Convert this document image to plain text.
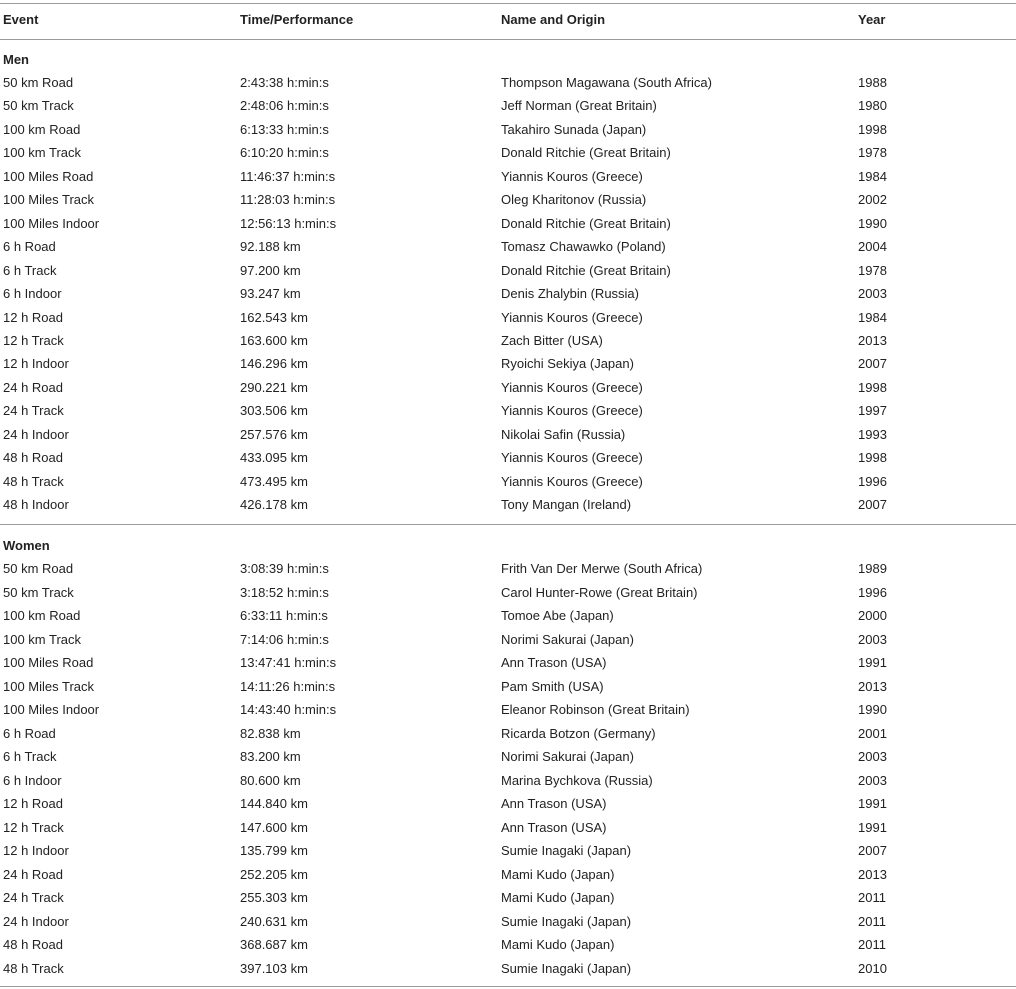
Event	Time/Performance	Name and Origin	Year
Men
50 km Road	2:43:38 h:min:s	Thompson Magawana (South Africa)	1988
50 km Track	2:48:06 h:min:s	Jeff Norman (Great Britain)	1980
100 km Road	6:13:33 h:min:s	Takahiro Sunada (Japan)	1998
100 km Track	6:10:20 h:min:s	Donald Ritchie (Great Britain)	1978
100 Miles Road	11:46:37 h:min:s	Yiannis Kouros (Greece)	1984
100 Miles Track	11:28:03 h:min:s	Oleg Kharitonov (Russia)	2002
100 Miles Indoor	12:56:13 h:min:s	Donald Ritchie (Great Britain)	1990
6 h Road	92.188 km	Tomasz Chawawko (Poland)	2004
6 h Track	97.200 km	Donald Ritchie (Great Britain)	1978
6 h Indoor	93.247 km	Denis Zhalybin (Russia)	2003
12 h Road	162.543 km	Yiannis Kouros (Greece)	1984
12 h Track	163.600 km	Zach Bitter (USA)	2013
12 h Indoor	146.296 km	Ryoichi Sekiya (Japan)	2007
24 h Road	290.221 km	Yiannis Kouros (Greece)	1998
24 h Track	303.506 km	Yiannis Kouros (Greece)	1997
24 h Indoor	257.576 km	Nikolai Safin (Russia)	1993
48 h Road	433.095 km	Yiannis Kouros (Greece)	1998
48 h Track	473.495 km	Yiannis Kouros (Greece)	1996
48 h Indoor	426.178 km	Tony Mangan (Ireland)	2007
Women
50 km Road	3:08:39 h:min:s	Frith Van Der Merwe (South Africa)	1989
50 km Track	3:18:52 h:min:s	Carol Hunter-Rowe (Great Britain)	1996
100 km Road	6:33:11 h:min:s	Tomoe Abe (Japan)	2000
100 km Track	7:14:06 h:min:s	Norimi Sakurai (Japan)	2003
100 Miles Road	13:47:41 h:min:s	Ann Trason (USA)	1991
100 Miles Track	14:11:26 h:min:s	Pam Smith (USA)	2013
100 Miles Indoor	14:43:40 h:min:s	Eleanor Robinson (Great Britain)	1990
6 h Road	82.838 km	Ricarda Botzon (Germany)	2001
6 h Track	83.200 km	Norimi Sakurai (Japan)	2003
6 h Indoor	80.600 km	Marina Bychkova (Russia)	2003
12 h Road	144.840 km	Ann Trason (USA)	1991
12 h Track	147.600 km	Ann Trason (USA)	1991
12 h Indoor	135.799 km	Sumie Inagaki (Japan)	2007
24 h Road	252.205 km	Mami Kudo (Japan)	2013
24 h Track	255.303 km	Mami Kudo (Japan)	2011
24 h Indoor	240.631 km	Sumie Inagaki (Japan)	2011
48 h Road	368.687 km	Mami Kudo (Japan)	2011
48 h Track	397.103 km	Sumie Inagaki (Japan)	2010
